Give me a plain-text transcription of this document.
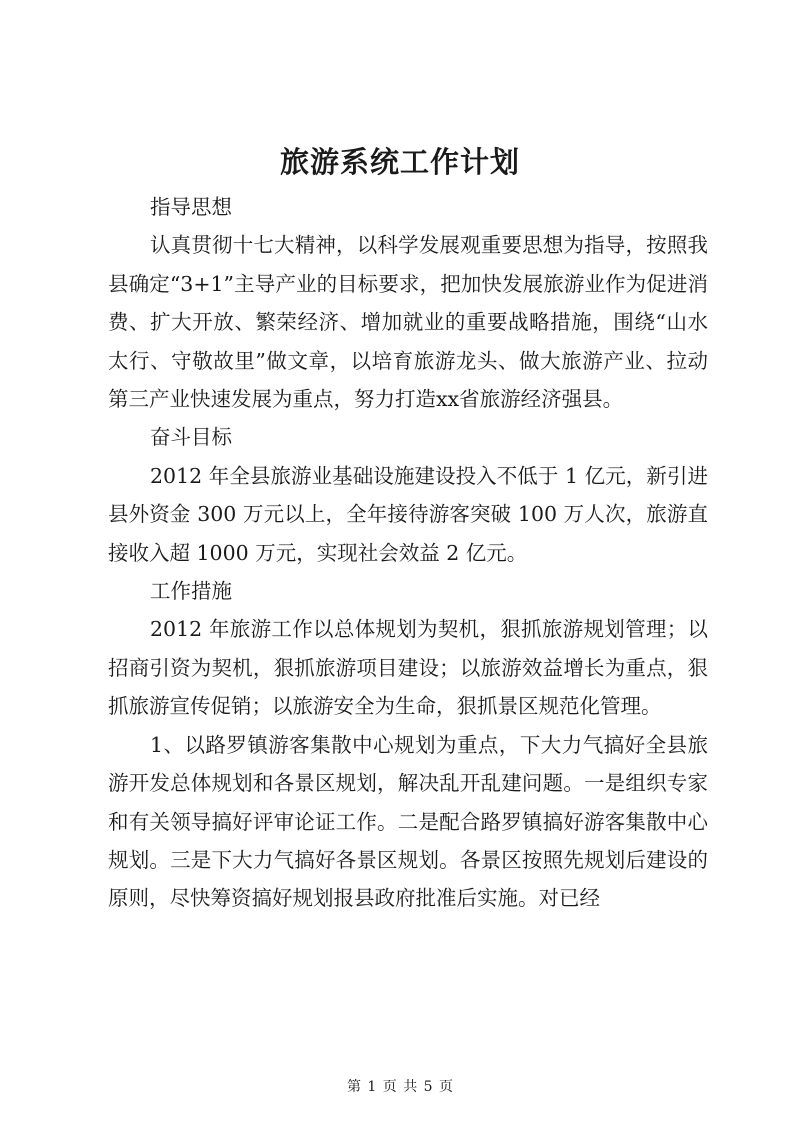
旅游系统工作计划

指导思想

认真贯彻十七大精神，以科学发展观重要思想为指导，按照我县确定“3+1”主导产业的目标要求，把加快发展旅游业作为促进消费、扩大开放、繁荣经济、增加就业的重要战略措施，围绕“山水太行、守敬故里”做文章，以培育旅游龙头、做大旅游产业、拉动第三产业快速发展为重点，努力打造xx省旅游经济强县。

奋斗目标

2012 年全县旅游业基础设施建设投入不低于 1 亿元，新引进县外资金 300 万元以上，全年接待游客突破 100 万人次，旅游直接收入超 1000 万元，实现社会效益 2 亿元。

工作措施

2012 年旅游工作以总体规划为契机，狠抓旅游规划管理；以招商引资为契机，狠抓旅游项目建设；以旅游效益增长为重点，狠抓旅游宣传促销；以旅游安全为生命，狠抓景区规范化管理。

1、以路罗镇游客集散中心规划为重点，下大力气搞好全县旅游开发总体规划和各景区规划，解决乱开乱建问题。一是组织专家和有关领导搞好评审论证工作。二是配合路罗镇搞好游客集散中心规划。三是下大力气搞好各景区规划。各景区按照先规划后建设的原则，尽快筹资搞好规划报县政府批准后实施。对已经

第 1 页 共 5 页
